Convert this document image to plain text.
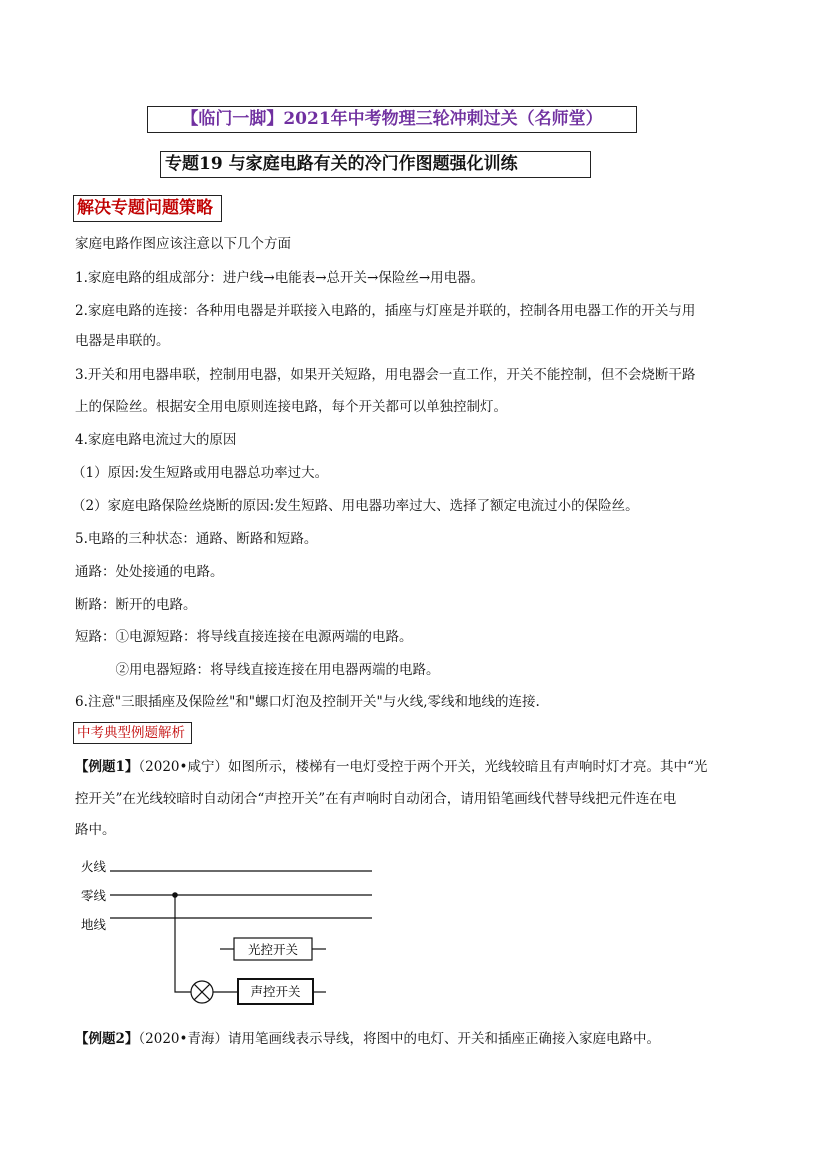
【临门一脚】2021年中考物理三轮冲刺过关（名师堂）
专题19 与家庭电路有关的冷门作图题强化训练
解决专题问题策略
家庭电路作图应该注意以下几个方面
1.家庭电路的组成部分：进户线→电能表→总开关→保险丝→用电器。
2.家庭电路的连接：各种用电器是并联接入电路的，插座与灯座是并联的，控制各用电器工作的开关与用
电器是串联的。
3.开关和用电器串联，控制用电器，如果开关短路，用电器会一直工作，开关不能控制，但不会烧断干路
上的保险丝。根据安全用电原则连接电路，每个开关都可以单独控制灯。
4.家庭电路电流过大的原因
（1）原因:发生短路或用电器总功率过大。
（2）家庭电路保险丝烧断的原因:发生短路、用电器功率过大、选择了额定电流过小的保险丝。
5.电路的三种状态：通路、断路和短路。
通路：处处接通的电路。
断路：断开的电路。
短路：①电源短路：将导线直接连接在电源两端的电路。
　　　②用电器短路：将导线直接连接在用电器两端的电路。
6.注意"三眼插座及保险丝"和"螺口灯泡及控制开关"与火线,零线和地线的连接.
中考典型例题解析
【例题1】（2020•咸宁）如图所示，楼梯有一电灯受控于两个开关，光线较暗且有声响时灯才亮。其中“光
控开关”在光线较暗时自动闭合“声控开关”在有声响时自动闭合，请用铅笔画线代替导线把元件连在电
路中。
火线
零线
地线
光控开关
声控开关
【例题2】（2020•青海）请用笔画线表示导线，将图中的电灯、开关和插座正确接入家庭电路中。
